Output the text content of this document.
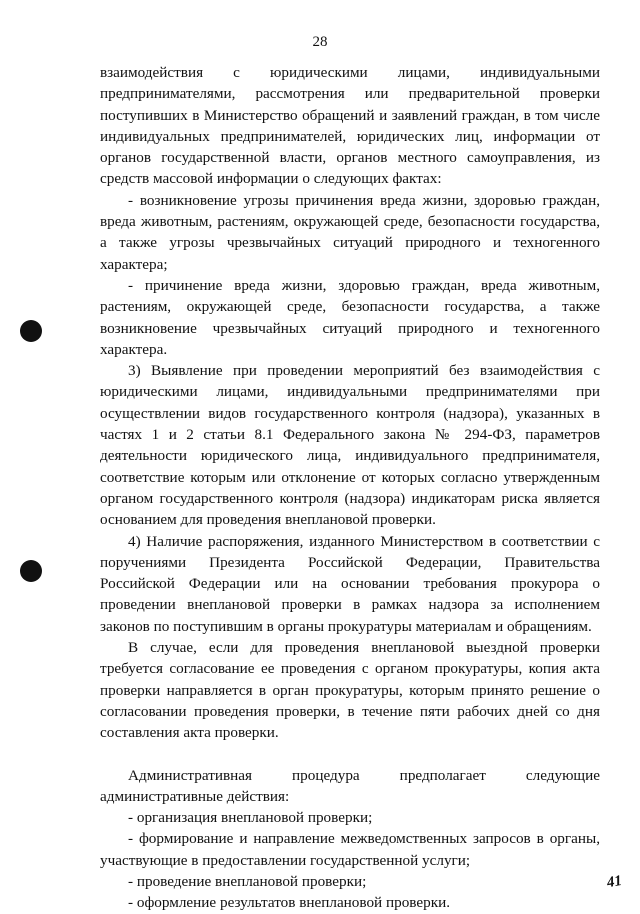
28

взаимодействия с юридическими лицами, индивидуальными предпринимателями, рассмотрения или предварительной проверки поступивших в Министерство обращений и заявлений граждан, в том числе индивидуальных предпринимателей, юридических лиц, информации от органов государственной власти, органов местного самоуправления, из средств массовой информации о следующих фактах:

- возникновение угрозы причинения вреда жизни, здоровью граждан, вреда животным, растениям, окружающей среде, безопасности государства, а также угрозы чрезвычайных ситуаций природного и техногенного характера;

- причинение вреда жизни, здоровью граждан, вреда животным, растениям, окружающей среде, безопасности государства, а также возникновение чрезвычайных ситуаций природного и техногенного характера.

3) Выявление при проведении мероприятий без взаимодействия с юридическими лицами, индивидуальными предпринимателями при осуществлении видов государственного контроля (надзора), указанных в частях 1 и 2 статьи 8.1 Федерального закона № 294-ФЗ, параметров деятельности юридического лица, индивидуального предпринимателя, соответствие которым или отклонение от которых согласно утвержденным органом государственного контроля (надзора) индикаторам риска является основанием для проведения внеплановой проверки.

4) Наличие распоряжения, изданного Министерством в соответствии с поручениями Президента Российской Федерации, Правительства Российской Федерации или на основании требования прокурора о проведении внеплановой проверки в рамках надзора за исполнением законов по поступившим в органы прокуратуры материалам и обращениям.

В случае, если для проведения внеплановой выездной проверки требуется согласование ее проведения с органом прокуратуры, копия акта проверки направляется в орган прокуратуры, которым принято решение о согласовании проведения проверки, в течение пяти рабочих дней со дня составления акта проверки.

Административная процедура предполагает следующие административные действия:

- организация внеплановой проверки;

- формирование и направление межведомственных запросов в органы, участвующие в предоставлении государственной услуги;

- проведение внеплановой проверки;

- оформление результатов внеплановой проверки.

41
